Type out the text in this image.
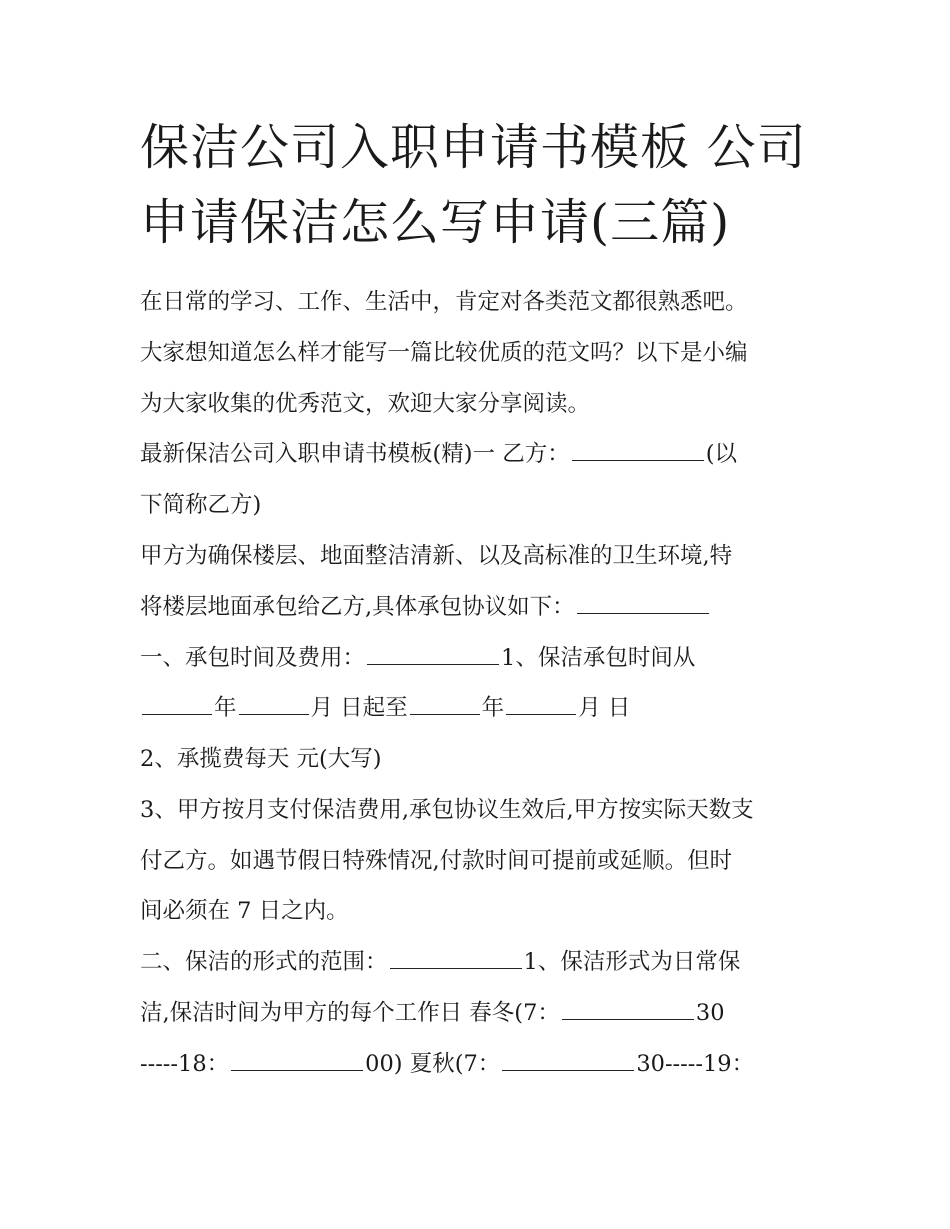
保洁公司入职申请书模板 公司
申请保洁怎么写申请(三篇)

在日常的学习、工作、生活中，肯定对各类范文都很熟悉吧。

大家想知道怎么样才能写一篇比较优质的范文吗？以下是小编

为大家收集的优秀范文，欢迎大家分享阅读。

最新保洁公司入职申请书模板(精)一 乙方：	(以

下简称乙方)

甲方为确保楼层、地面整洁清新、以及高标准的卫生环境,特

将楼层地面承包给乙方,具体承包协议如下：

一、承包时间及费用：	1、保洁承包时间从

年	月 日起至	年	月 日

2、承揽费每天 元(大写)

3、甲方按月支付保洁费用,承包协议生效后,甲方按实际天数支

付乙方。如遇节假日特殊情况,付款时间可提前或延顺。但时

间必须在 7 日之内。

二、保洁的形式的范围：	1、保洁形式为日常保

洁,保洁时间为甲方的每个工作日 春冬(7：	30

-----18：	00) 夏秋(7：	30-----19：
